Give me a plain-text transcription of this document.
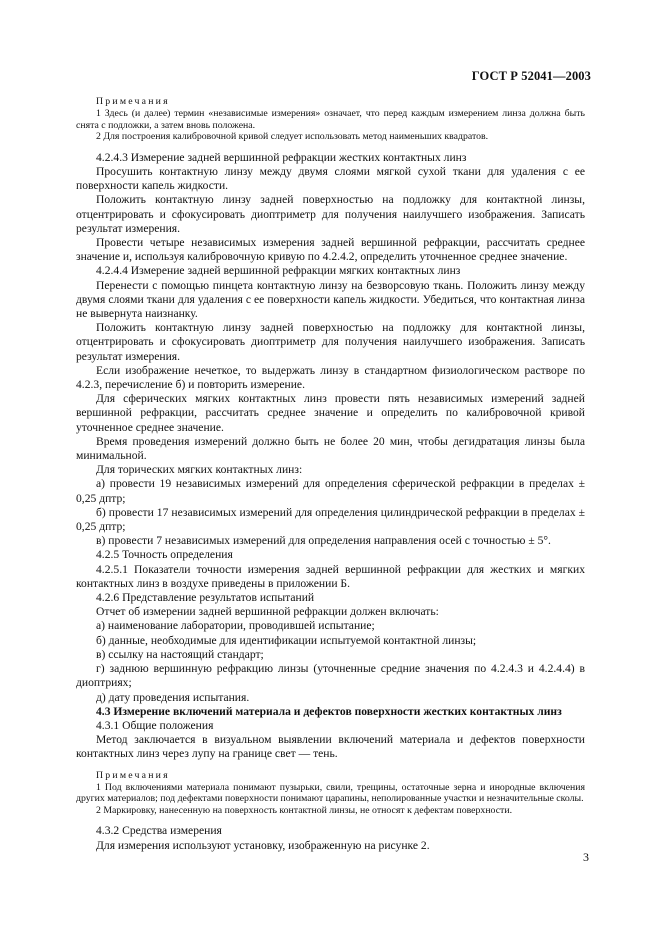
ГОСТ Р 52041—2003
Примечания

1 Здесь (и далее) термин «независимые измерения» означает, что перед каждым измерением линза должна быть снята с подложки, а затем вновь положена.

2 Для построения калибровочной кривой следует использовать метод наименьших квадратов.

4.2.4.3 Измерение задней вершинной рефракции жестких контактных линз

Просушить контактную линзу между двумя слоями мягкой сухой ткани для удаления с ее поверхности капель жидкости.

Положить контактную линзу задней поверхностью на подложку для контактной линзы, отцентрировать и сфокусировать диоптриметр для получения наилучшего изображения. Записать результат измерения.

Провести четыре независимых измерения задней вершинной рефракции, рассчитать среднее значение и, используя калибровочную кривую по 4.2.4.2, определить уточненное среднее значение.

4.2.4.4 Измерение задней вершинной рефракции мягких контактных линз

Перенести с помощью пинцета контактную линзу на безворсовую ткань. Положить линзу между двумя слоями ткани для удаления с ее поверхности капель жидкости. Убедиться, что контактная линза не вывернута наизнанку.

Положить контактную линзу задней поверхностью на подложку для контактной линзы, отцентрировать и сфокусировать диоптриметр для получения наилучшего изображения. Записать результат измерения.

Если изображение нечеткое, то выдержать линзу в стандартном физиологическом растворе по 4.2.3, перечисление б) и повторить измерение.

Для сферических мягких контактных линз провести пять независимых измерений задней вершинной рефракции, рассчитать среднее значение и определить по калибровочной кривой уточненное среднее значение.

Время проведения измерений должно быть не более 20 мин, чтобы дегидратация линзы была минимальной.

Для торических мягких контактных линз:

а) провести 19 независимых измерений для определения сферической рефракции в пределах ± 0,25 дптр;

б) провести 17 независимых измерений для определения цилиндрической рефракции в пределах ± 0,25 дптр;

в) провести 7 независимых измерений для определения направления осей с точностью ± 5°.

4.2.5 Точность определения

4.2.5.1 Показатели точности измерения задней вершинной рефракции для жестких и мягких контактных линз в воздухе приведены в приложении Б.

4.2.6 Представление результатов испытаний

Отчет об измерении задней вершинной рефракции должен включать:

а) наименование лаборатории, проводившей испытание;

б) данные, необходимые для идентификации испытуемой контактной линзы;

в) ссылку на настоящий стандарт;

г) заднюю вершинную рефракцию линзы (уточненные средние значения по 4.2.4.3 и 4.2.4.4) в диоптриях;

д) дату проведения испытания.

4.3 Измерение включений материала и дефектов поверхности жестких контактных линз

4.3.1 Общие положения

Метод заключается в визуальном выявлении включений материала и дефектов поверхности контактных линз через лупу на границе свет — тень.

Примечания

1 Под включениями материала понимают пузырьки, свили, трещины, остаточные зерна и инородные включения других материалов; под дефектами поверхности понимают царапины, неполированные участки и незначительные сколы.

2 Маркировку, нанесенную на поверхность контактной линзы, не относят к дефектам поверхности.

4.3.2 Средства измерения

Для измерения используют установку, изображенную на рисунке 2.

3
